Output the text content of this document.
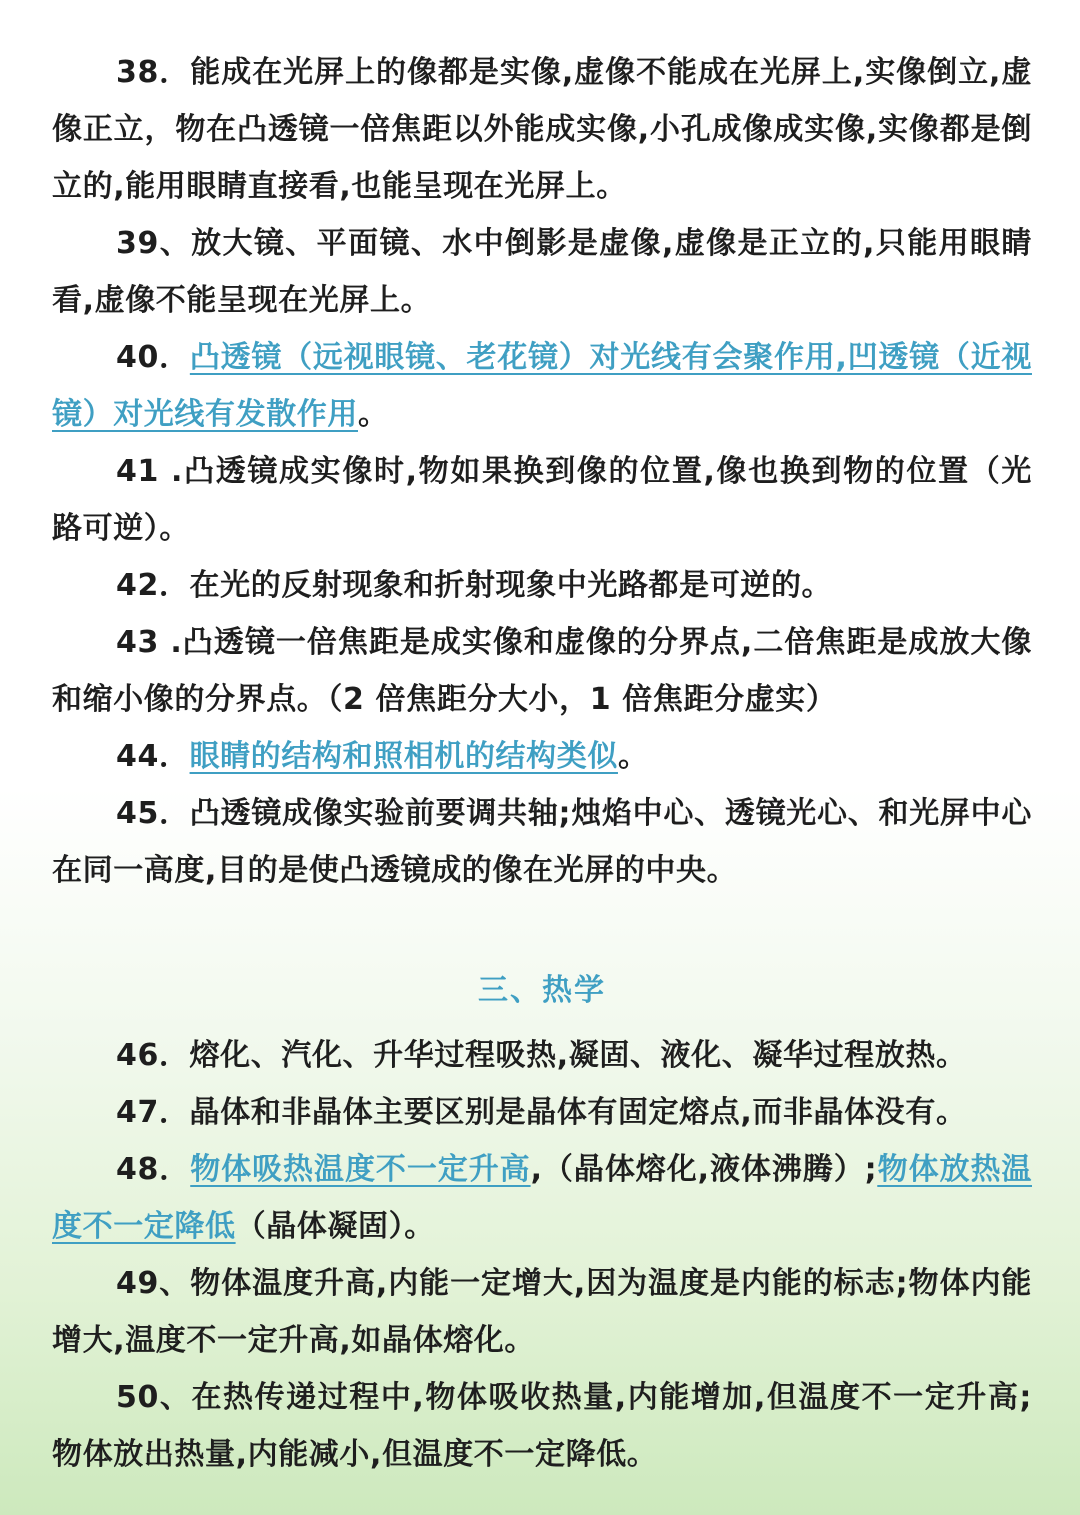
38．能成在光屏上的像都是实像,虚像不能成在光屏上,实像倒立,虚像正立，物在凸透镜一倍焦距以外能成实像,小孔成像成实像,实像都是倒立的,能用眼睛直接看,也能呈现在光屏上。

39、放大镜、平面镜、水中倒影是虚像,虚像是正立的,只能用眼睛看,虚像不能呈现在光屏上。

40．凸透镜（远视眼镜、老花镜）对光线有会聚作用,凹透镜（近视镜）对光线有发散作用。

41 .凸透镜成实像时,物如果换到像的位置,像也换到物的位置（光路可逆）。

42．在光的反射现象和折射现象中光路都是可逆的。

43 .凸透镜一倍焦距是成实像和虚像的分界点,二倍焦距是成放大像和缩小像的分界点。（2 倍焦距分大小，1 倍焦距分虚实）

44．眼睛的结构和照相机的结构类似。

45．凸透镜成像实验前要调共轴;烛焰中心、透镜光心、和光屏中心在同一高度,目的是使凸透镜成的像在光屏的中央。

三、热学

46．熔化、汽化、升华过程吸热,凝固、液化、凝华过程放热。

47．晶体和非晶体主要区别是晶体有固定熔点,而非晶体没有。

48．物体吸热温度不一定升高,（晶体熔化,液体沸腾）;物体放热温度不一定降低（晶体凝固）。

49、物体温度升高,内能一定增大,因为温度是内能的标志;物体内能增大,温度不一定升高,如晶体熔化。

50、在热传递过程中,物体吸收热量,内能增加,但温度不一定升高;物体放出热量,内能减小,但温度不一定降低。
